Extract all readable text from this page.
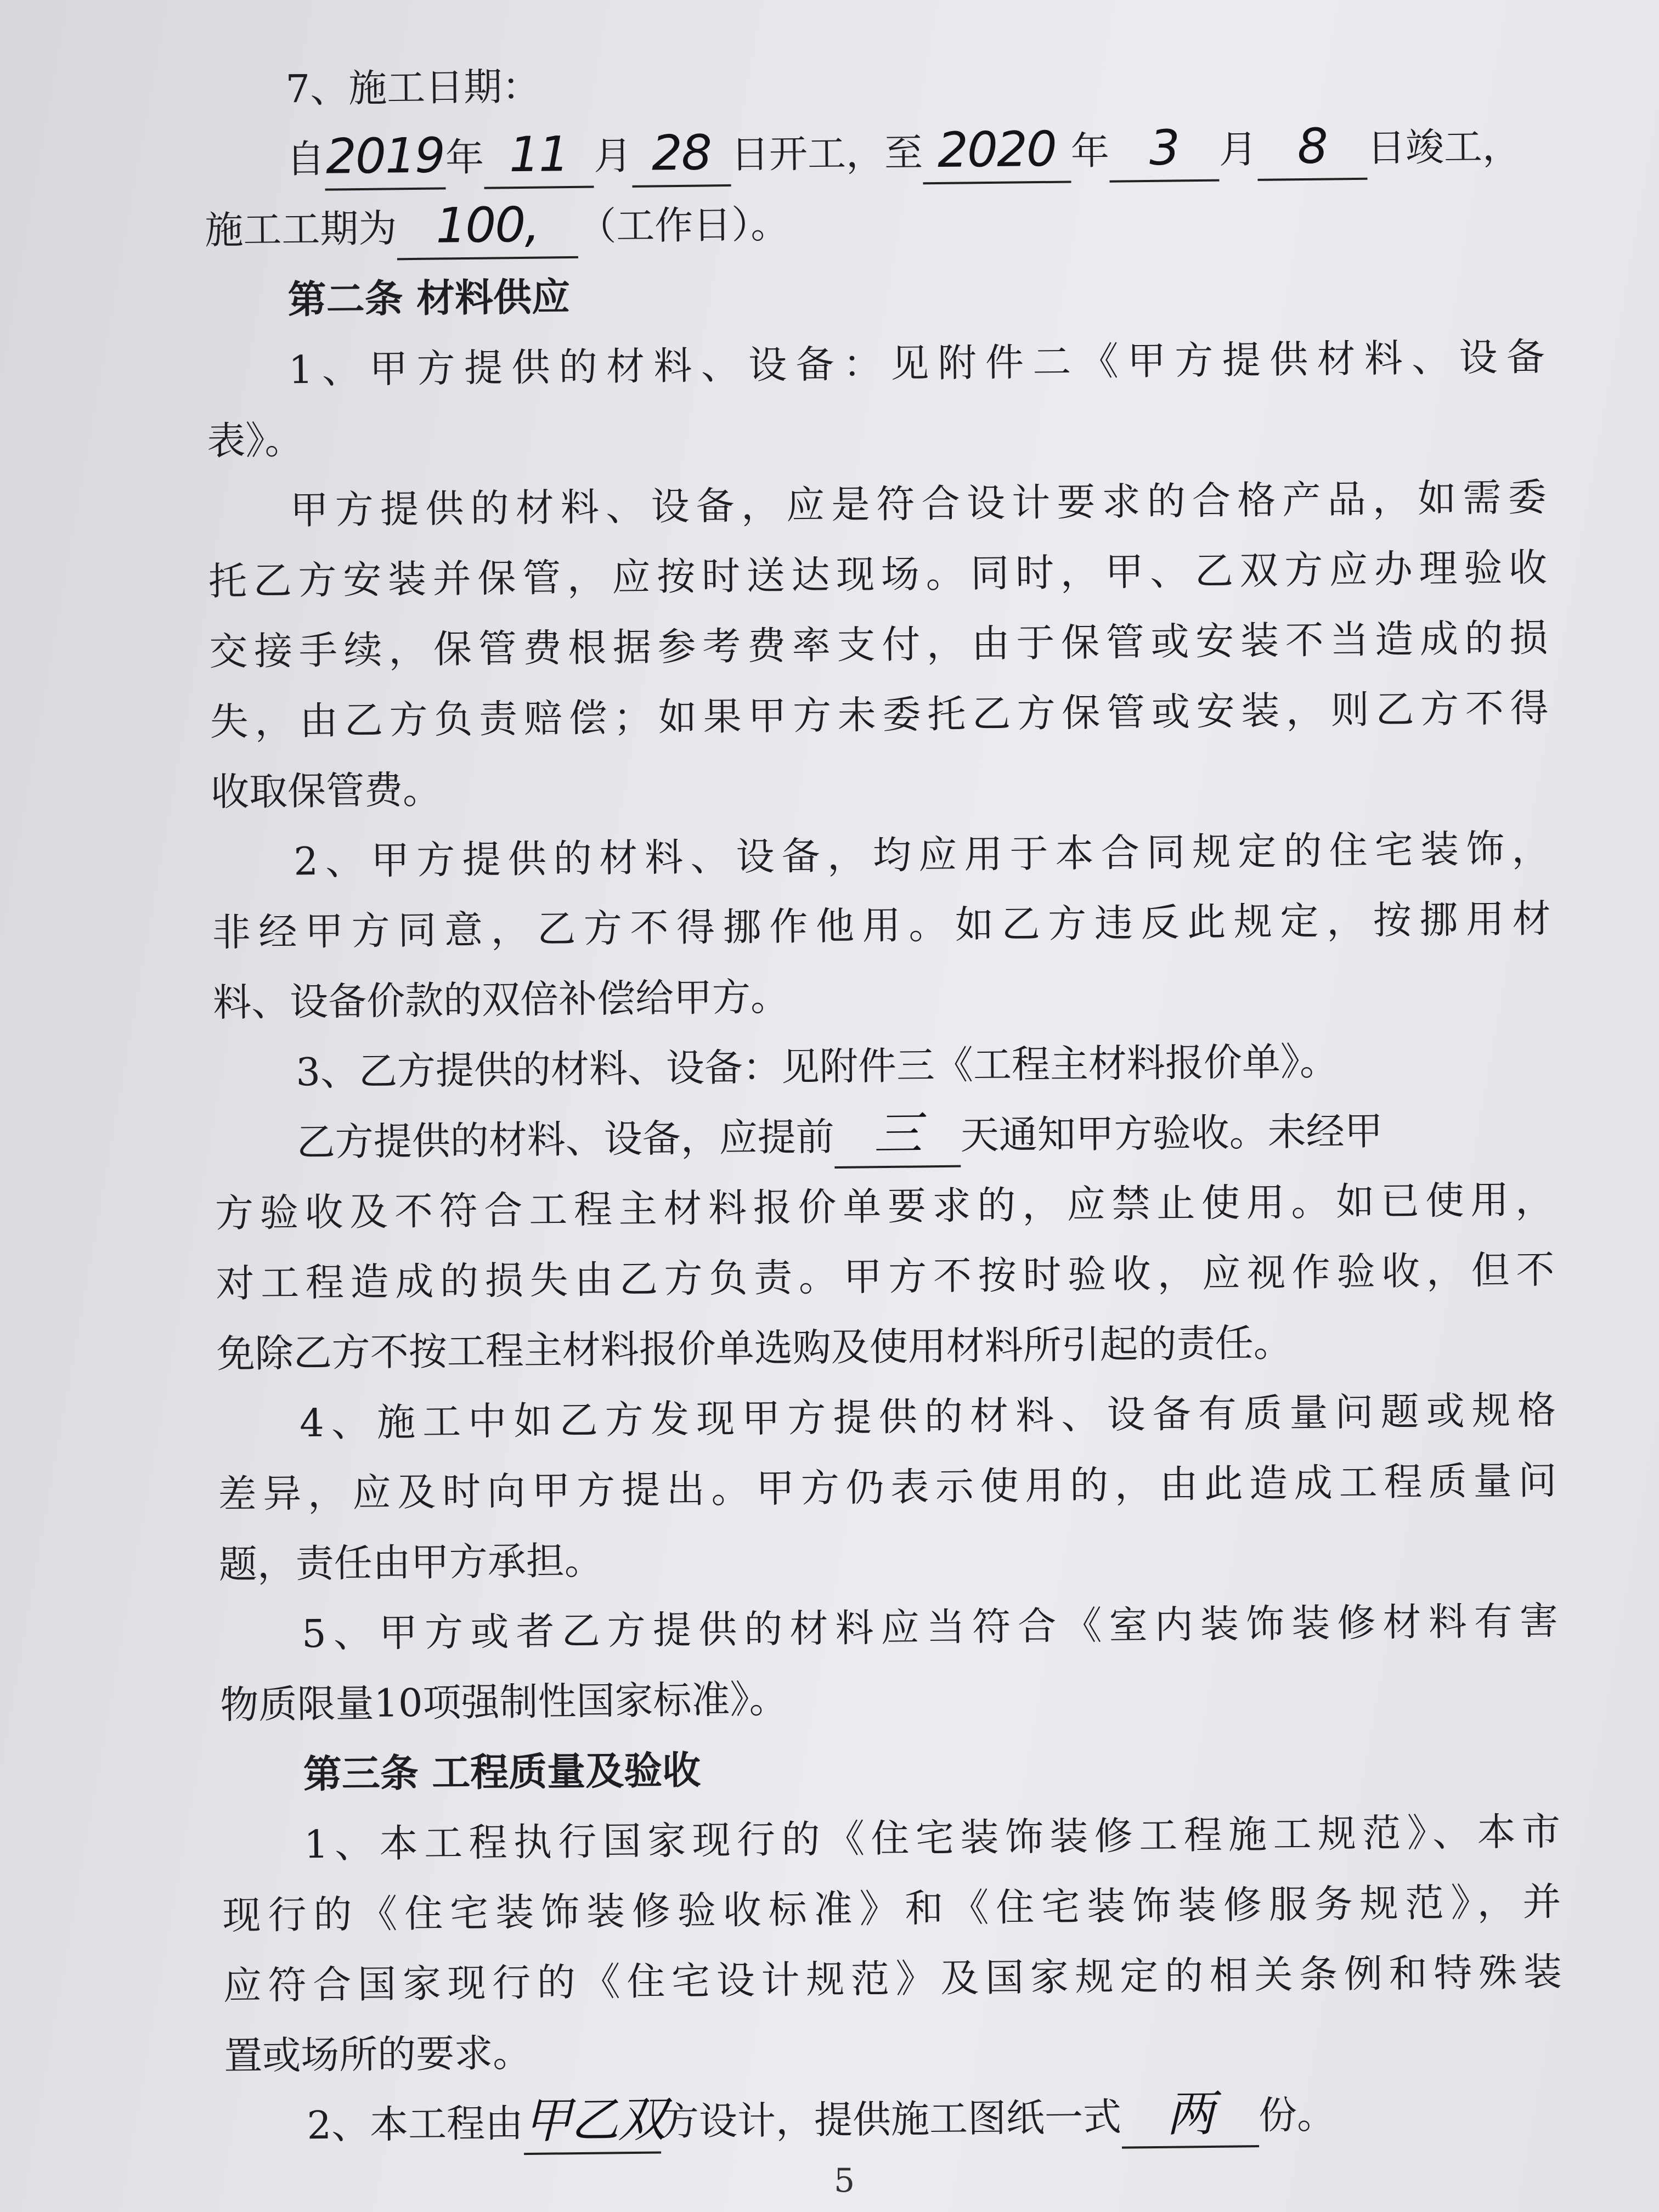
7、施工日期：
自2019年 11 月 28 日开工，至 2020 年 3 月 8 日竣工，
施工工期为 100, （工作日）。
第二条 材料供应
1、甲方提供的材料、设备：见附件二《甲方提供材料、设备
表》。
甲方提供的材料、设备，应是符合设计要求的合格产品，如需委
托乙方安装并保管，应按时送达现场。同时，甲、乙双方应办理验收
交接手续，保管费根据参考费率支付，由于保管或安装不当造成的损
失，由乙方负责赔偿；如果甲方未委托乙方保管或安装，则乙方不得
收取保管费。
2、甲方提供的材料、设备，均应用于本合同规定的住宅装饰，
非经甲方同意，乙方不得挪作他用。如乙方违反此规定，按挪用材
料、设备价款的双倍补偿给甲方。
3、乙方提供的材料、设备：见附件三《工程主材料报价单》。
乙方提供的材料、设备，应提前 三 天通知甲方验收。未经甲
方验收及不符合工程主材料报价单要求的，应禁止使用。如已使用，
对工程造成的损失由乙方负责。甲方不按时验收，应视作验收，但不
免除乙方不按工程主材料报价单选购及使用材料所引起的责任。
4、施工中如乙方发现甲方提供的材料、设备有质量问题或规格
差异，应及时向甲方提出。甲方仍表示使用的，由此造成工程质量问
题，责任由甲方承担。
5、甲方或者乙方提供的材料应当符合《室内装饰装修材料有害
物质限量10项强制性国家标准》。
第三条 工程质量及验收
1、本工程执行国家现行的《住宅装饰装修工程施工规范》、本市
现行的《住宅装饰装修验收标准》和《住宅装饰装修服务规范》，并
应符合国家现行的《住宅设计规范》及国家规定的相关条例和特殊装
置或场所的要求。
2、本工程由甲乙双方设计，提供施工图纸一式 两 份。
5
